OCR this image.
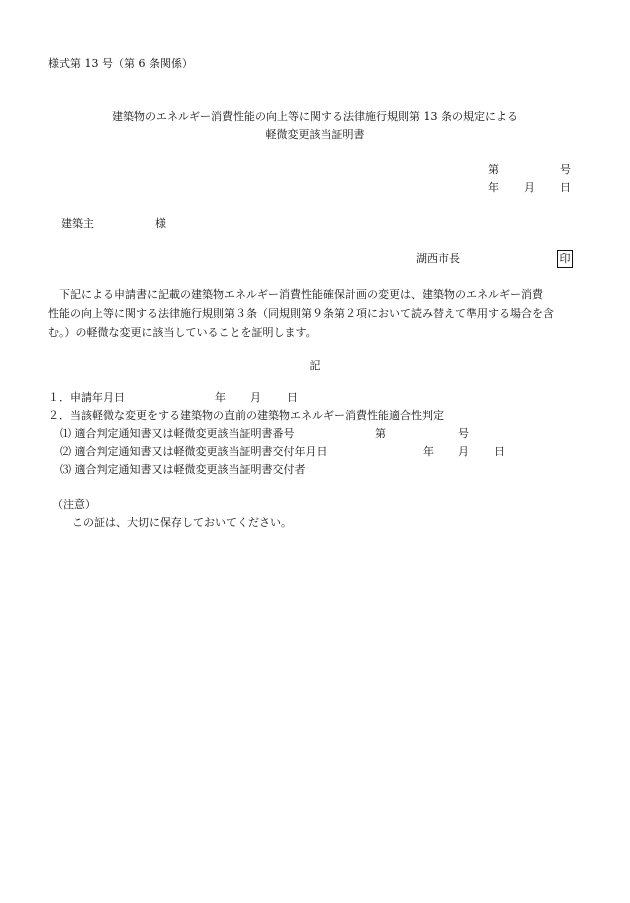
様式第 13 号（第 6 条関係）
建築物のエネルギー消費性能の向上等に関する法律施行規則第 13 条の規定による
軽微変更該当証明書
第	号
年 月 日
建築主	様
湖西市長	印
下記による申請書に記載の建築物エネルギー消費性能確保計画の変更は、建築物のエネルギー消費
性能の向上等に関する法律施行規則第３条（同規則第９条第２項において読み替えて準用する場合を含
む。）の軽微な変更に該当していることを証明します。
記
１．申請年月日	年 月 日
２．当該軽微な変更をする建築物の直前の建築物エネルギー消費性能適合性判定
⑴ 適合判定通知書又は軽微変更該当証明書番号	第	号
⑵ 適合判定通知書又は軽微変更該当証明書交付年月日	年 月 日
⑶ 適合判定通知書又は軽微変更該当証明書交付者
（注意）
この証は、大切に保存しておいてください。
